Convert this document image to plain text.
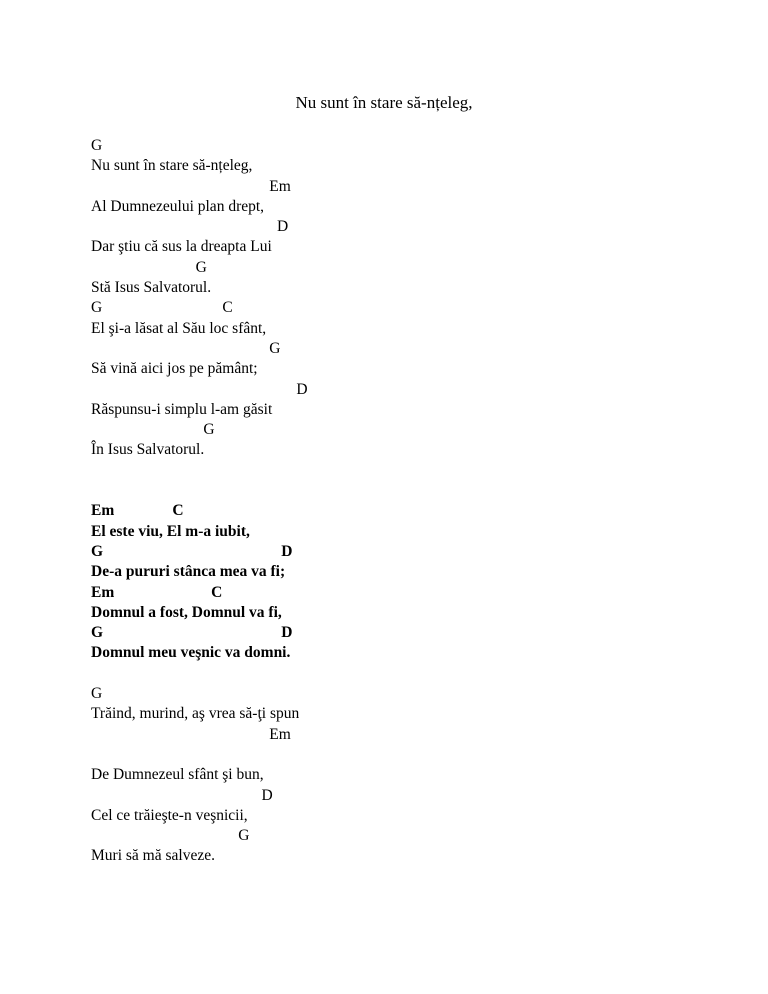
Nu sunt în stare să-nțeleg,
G
Nu sunt în stare să-nțeleg,
Em
Al Dumnezeului plan drept,
D
Dar ştiu că sus la dreapta Lui
G
Stă Isus Salvatorul.
G                               C
El şi-a lăsat al Său loc sfânt,
G
Să vină aici jos pe pământ;
D
Răspunsu-i simplu l-am găsit
G
În Isus Salvatorul.
Em               C
El este viu, El m-a iubit,
G                                              D
De-a pururi stânca mea va fi;
Em                         C
Domnul a fost, Domnul va fi,
G                                              D
Domnul meu veşnic va domni.
G
Trăind, murind, aş vrea să-ţi spun
Em
De Dumnezeul sfânt şi bun,
D
Cel ce trăieşte-n veşnicii,
G
Muri să mă salveze.
